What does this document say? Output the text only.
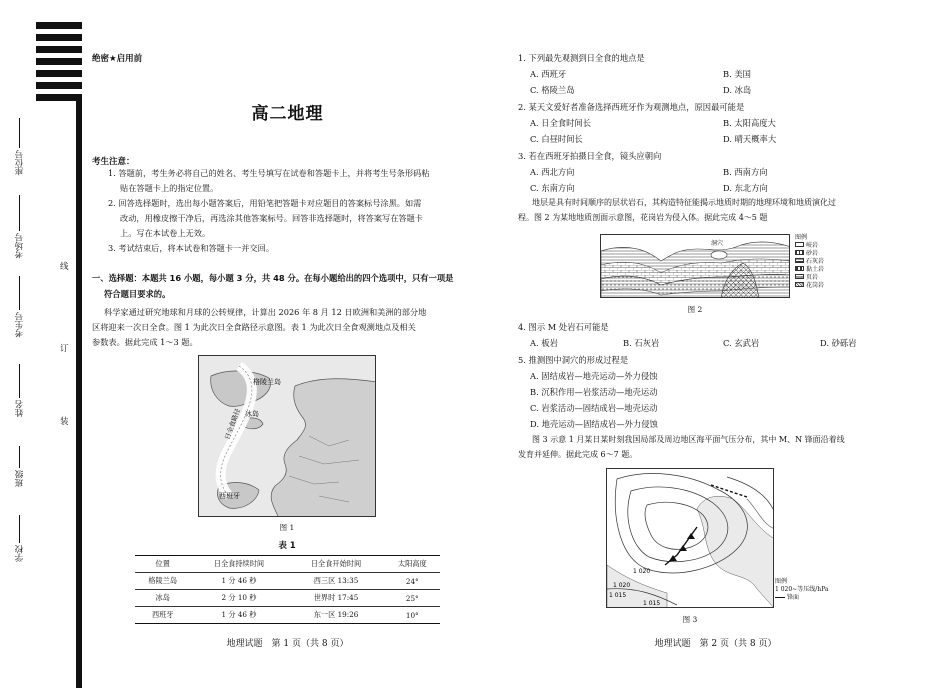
座位号
考场号
考生号
姓名
班级
学校
线
订
装
绝密★启用前
高二地理
考生注意：
1. 答题前，考生务必将自己的姓名、考生号填写在试卷和答题卡上，并将考生号条形码粘
贴在答题卡上的指定位置。
2. 回答选择题时，选出每小题答案后，用铅笔把答题卡对应题目的答案标号涂黑。如需
改动，用橡皮擦干净后，再选涂其他答案标号。回答非选择题时，将答案写在答题卡
上。写在本试卷上无效。
3. 考试结束后，将本试卷和答题卡一并交回。
一、选择题：本题共 16 小题，每小题 3 分，共 48 分。在每小题给出的四个选项中，只有一项是
符合题目要求的。
科学家通过研究地球和月球的公转规律，计算出 2026 年 8 月 12 日欧洲和美洲的部分地
区将迎来一次日全食。图 1 为此次日全食路径示意图。表 1 为此次日全食观测地点及相关
参数表。据此完成 1～3 题。
格陵兰岛
日全食路径 冰岛
西班牙
图 1
表 1
位置	日全食持续时间	日全食开始时间	太阳高度
格陵兰岛	1 分 46 秒	西三区 13:35	24°
冰岛	2 分 10 秒	世界时 17:45	25°
西班牙	1 分 46 秒	东一区 19:26	10°
地理试题　第 1 页（共 8 页）
1. 下列最先观测到日全食的地点是
A. 西班牙	B. 美国
C. 格陵兰岛	D. 冰岛
2. 某天文爱好者准备选择西班牙作为观测地点，原因最可能是
A. 日全食时间长	B. 太阳高度大
C. 白昼时间长	D. 晴天概率大
3. 若在西班牙拍摄日全食，镜头应朝向
A. 西北方向	B. 西南方向
C. 东南方向	D. 东北方向
地层是具有时间顺序的层状岩石，其构造特征能揭示地质时期的地理环境和地质演化过
程。图 2 为某地地质剖面示意图，花岗岩为侵入体。据此完成 4～5 题
洞穴
图例
岐岩
砂岩
石灰岩
黏土岩
页岩
花岗岩
图 2
4. 图示 M 处岩石可能是
A. 板岩	B. 石灰岩	C. 玄武岩	D. 砂砾岩
5. 推测图中洞穴的形成过程是
A. 固结成岩—地壳运动—外力侵蚀
B. 沉积作用—岩浆活动—地壳运动
C. 岩浆活动—固结成岩—地壳运动
D. 地壳运动—固结成岩—外力侵蚀
图 3 示意 1 月某日某时刻我国局部及周边地区海平面气压分布，其中 M、N 锋面沿着线
发育并延伸。据此完成 6～7 题。
1 020
1 015
1 015
1 020
图例
1 020~等压线/hPa
锋面
图 3
地理试题　第 2 页（共 8 页）
